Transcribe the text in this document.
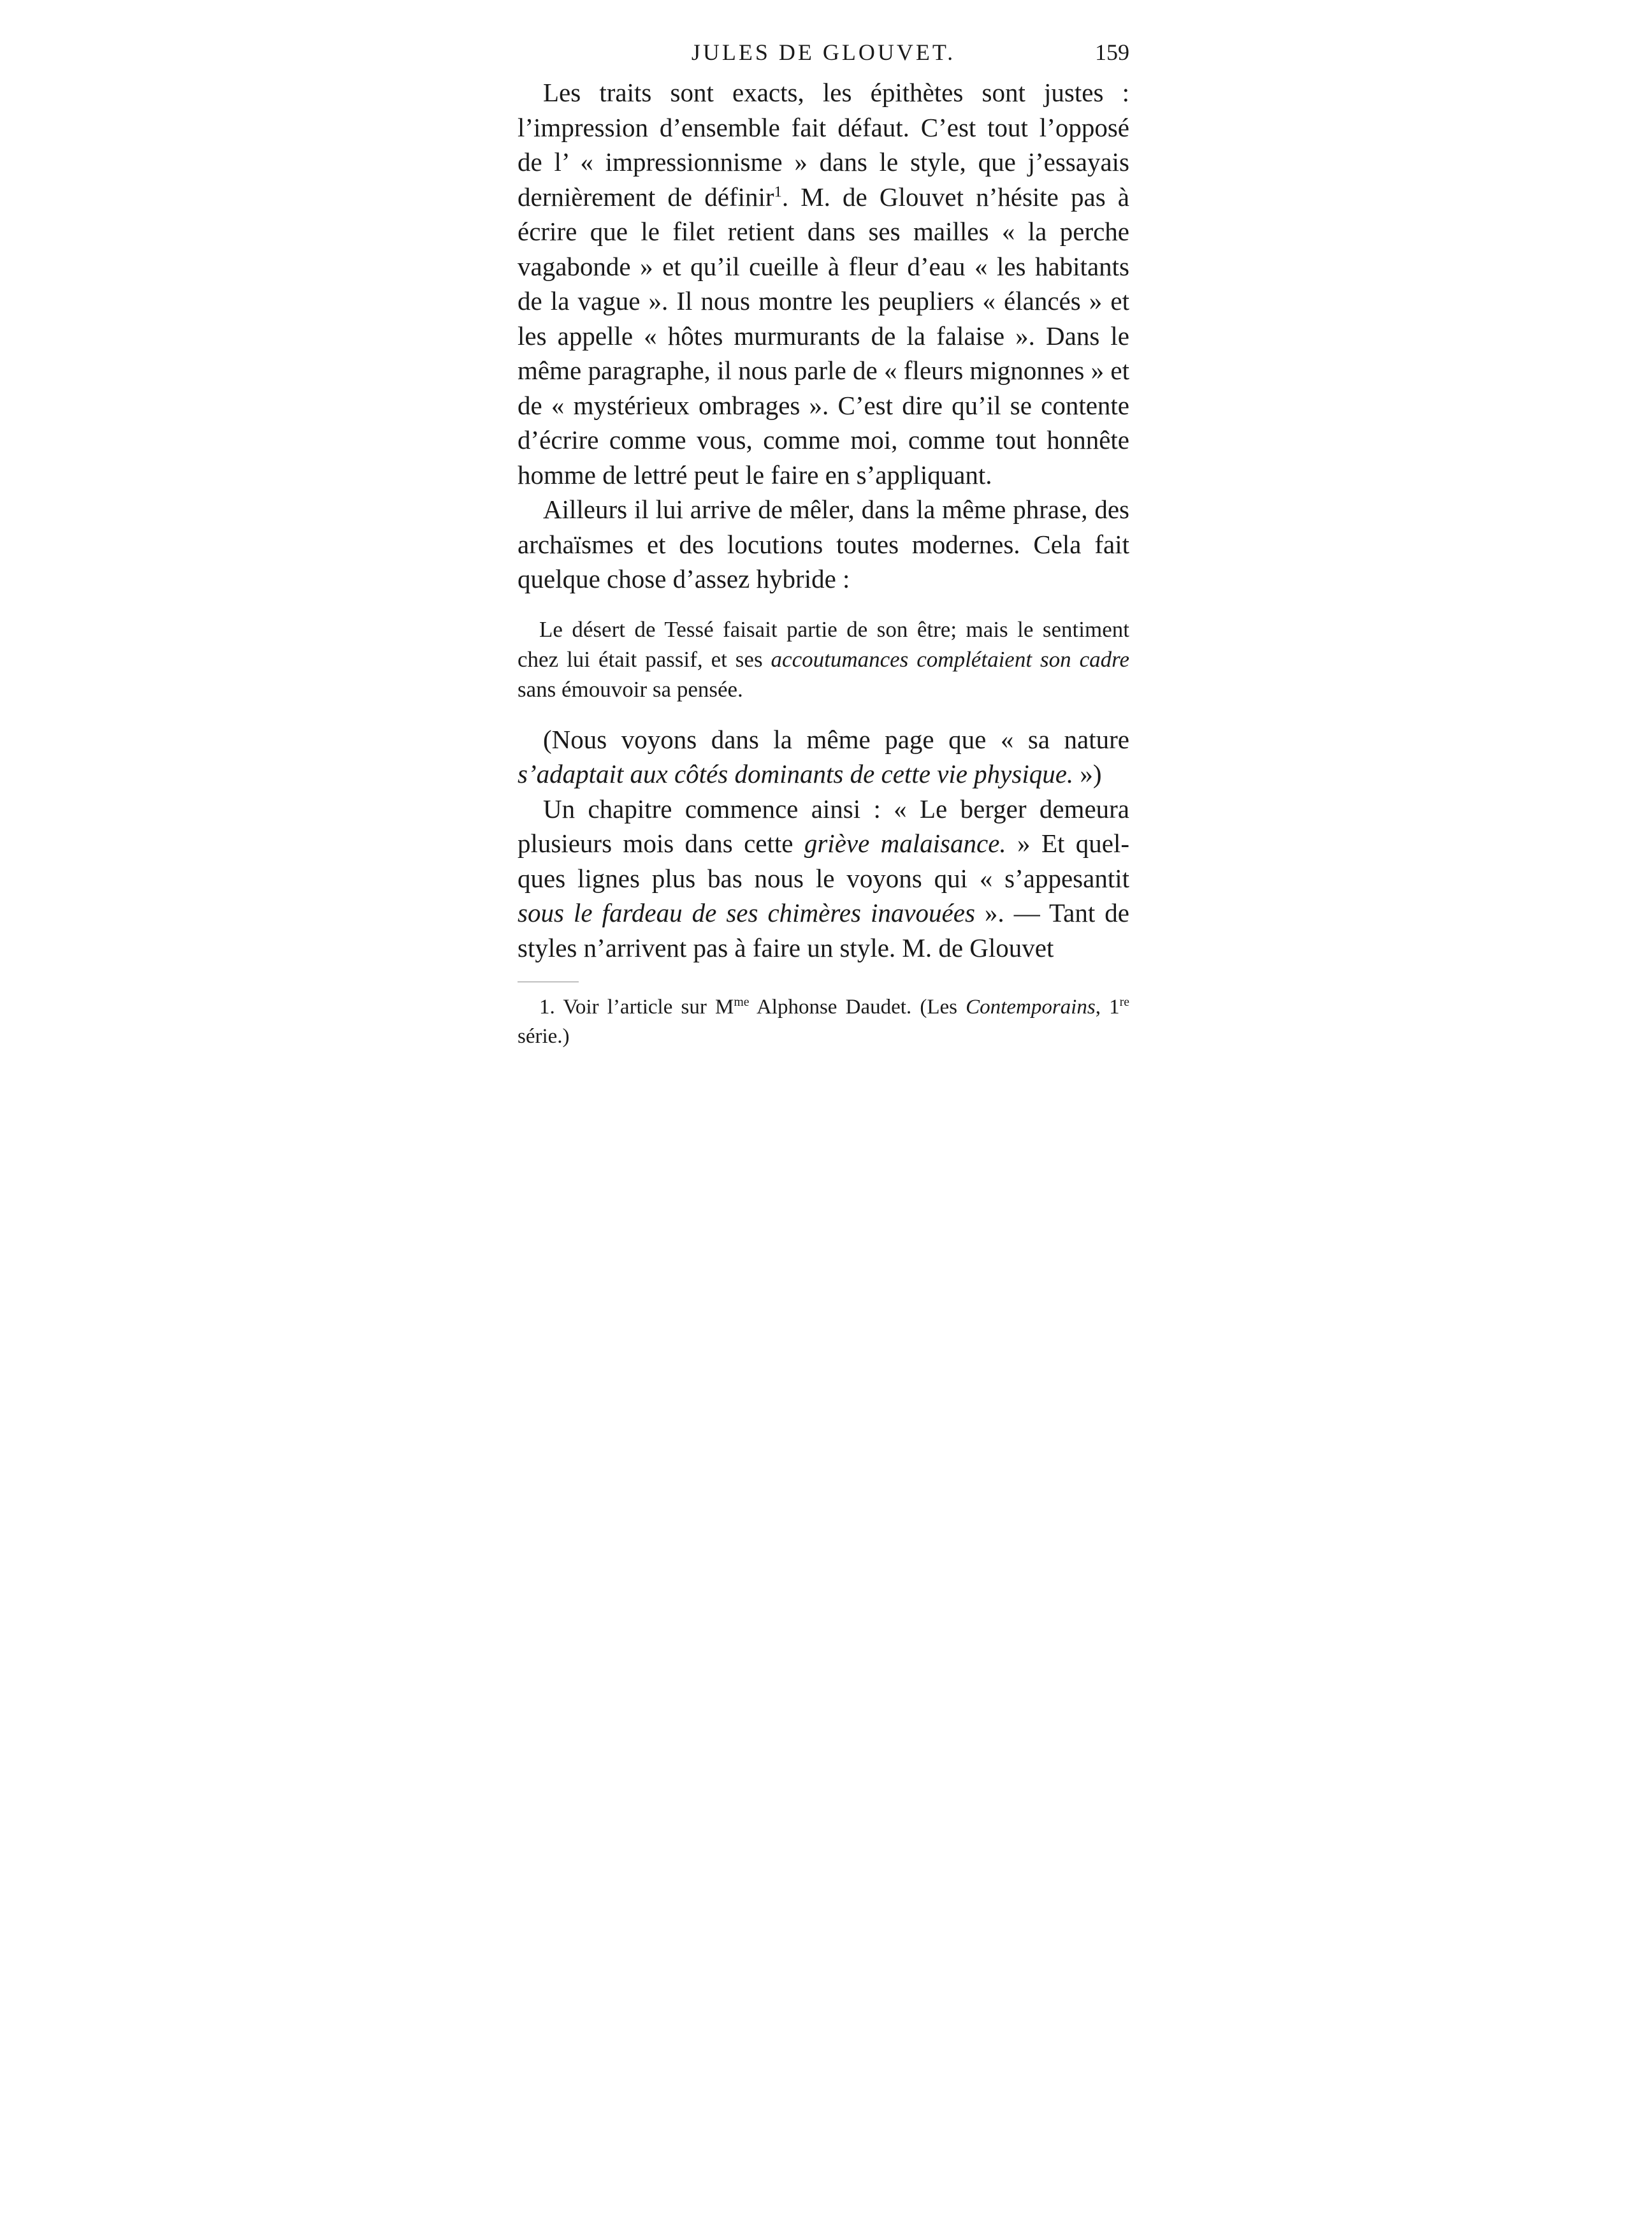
JULES DE GLOUVET.	159

Les traits sont exacts, les épithètes sont justes : l’impression d’ensemble fait défaut. C’est tout l’opposé de l’ « impressionnisme » dans le style, que j’essayais dernièrement de définir$^1$. M. de Glouvet n’hésite pas à écrire que le filet retient dans ses mailles « la perche vagabonde » et qu’il cueille à fleur d’eau « les habitants de la vague ». Il nous montre les peupliers « élancés » et les appelle « hôtes murmurants de la falaise ». Dans le même paragraphe, il nous parle de « fleurs mignonnes » et de « mystérieux ombrages ». C’est dire qu’il se contente d’écrire comme vous, comme moi, comme tout honnête homme de lettré peut le faire en s’appliquant.

Ailleurs il lui arrive de mêler, dans la même phrase, des archaïsmes et des locutions toutes modernes. Cela fait quelque chose d’assez hybride :

Le désert de Tessé faisait partie de son être; mais le sentiment chez lui était passif, et ses accoutumances complétaient son cadre sans émouvoir sa pensée.

(Nous voyons dans la même page que « sa nature s’adaptait aux côtés dominants de cette vie physique. »)

Un chapitre commence ainsi : « Le berger demeura plusieurs mois dans cette griève malaisance. » Et quelques lignes plus bas nous le voyons qui « s’appesantit sous le fardeau de ses chimères inavouées ». — Tant de styles n’arrivent pas à faire un style. M. de Glouvet

1. Voir l’article sur $M^{me}$ Alphonse Daudet. (Les Contemporains, 1re série.)
